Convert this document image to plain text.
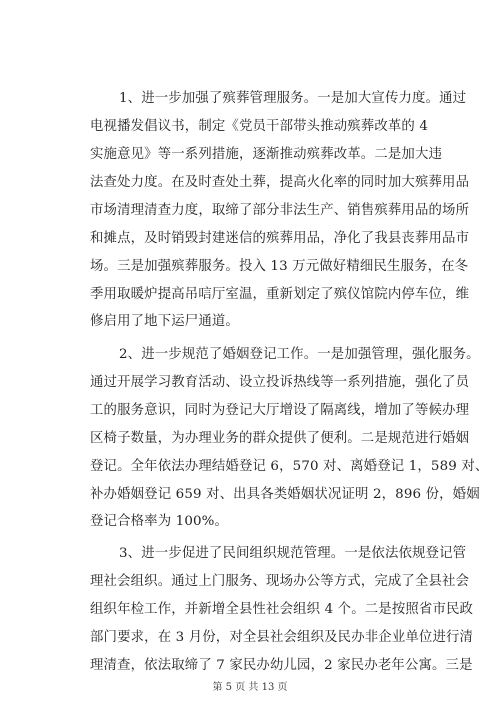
1、进一步加强了殡葬管理服务。一是加大宣传力度。通过
电视播发倡议书，制定《党员干部带头推动殡葬改革的 4
实施意见》等一系列措施，逐渐推动殡葬改革。二是加大违
法查处力度。在及时查处土葬，提高火化率的同时加大殡葬用品
市场清理清查力度，取缔了部分非法生产、销售殡葬用品的场所
和摊点，及时销毁封建迷信的殡葬用品，净化了我县丧葬用品市
场。三是加强殡葬服务。投入 13 万元做好精细民生服务，在冬
季用取暖炉提高吊唁厅室温，重新划定了殡仪馆院内停车位，维
修启用了地下运尸通道。
2、进一步规范了婚姻登记工作。一是加强管理，强化服务。
通过开展学习教育活动、设立投诉热线等一系列措施，强化了员
工的服务意识，同时为登记大厅增设了隔离线，增加了等候办理
区椅子数量，为办理业务的群众提供了便利。二是规范进行婚姻
登记。全年依法办理结婚登记 6，570 对、离婚登记 1，589 对、
补办婚姻登记 659 对、出具各类婚姻状况证明 2，896 份，婚姻
登记合格率为 100%。
3、进一步促进了民间组织规范管理。一是依法依规登记管
理社会组织。通过上门服务、现场办公等方式，完成了全县社会
组织年检工作，并新增全县性社会组织 4 个。二是按照省市民政
部门要求，在 3 月份，对全县社会组织及民办非企业单位进行清
理清查，依法取缔了 7 家民办幼儿园，2 家民办老年公寓。三是
第 5 页 共 13 页
